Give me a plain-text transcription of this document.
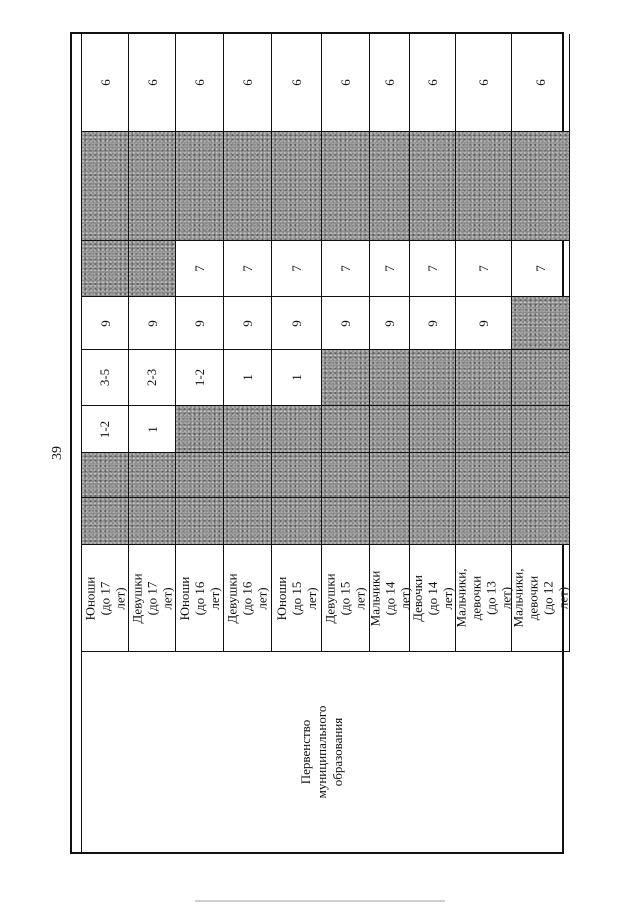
39
6
9
3-5
1-2
Юноши (до 17 лет)
6
9
2-3
1
Девушки (до 17 лет)
6
7
9
1-2
Юноши (до 16 лет)
6
7
9
1
Девушки (до 16 лет)
6
7
9
1
Юноши (до 15 лет)
6
7
9
Девушки (до 15 лет)
6
7
9
Мальчики (до 14 лет)
6
7
9
Девочки (до 14 лет)
6
7
9
Мальчики, девочки (до 13 лет)
6
7
Мальчики, девочки (до 12 лет)
Первенство муниципального образования
